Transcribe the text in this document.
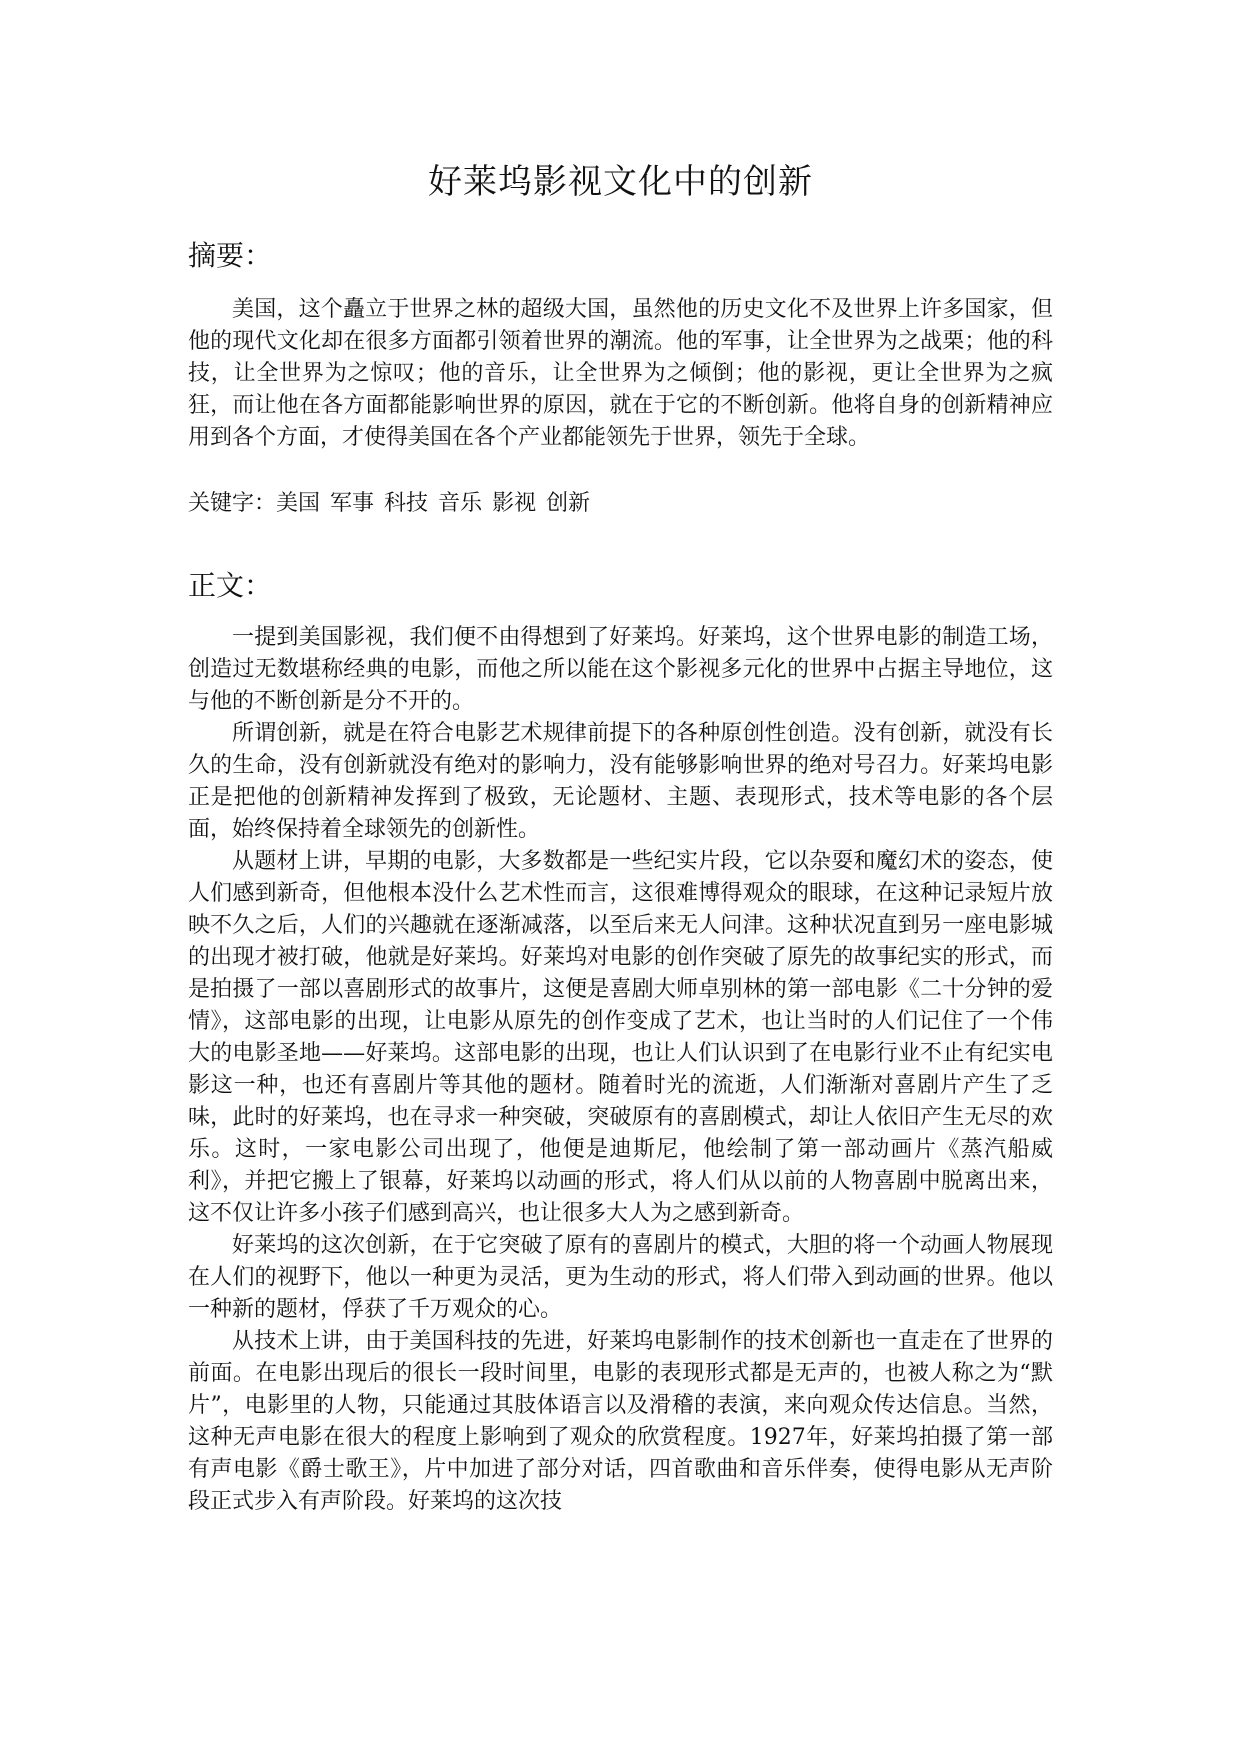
好莱坞影视文化中的创新
摘要：

美国，这个矗立于世界之林的超级大国，虽然他的历史文化不及世界上许多国家，但他的现代文化却在很多方面都引领着世界的潮流。他的军事，让全世界为之战栗；他的科技，让全世界为之惊叹；他的音乐，让全世界为之倾倒；他的影视，更让全世界为之疯狂，而让他在各方面都能影响世界的原因，就在于它的不断创新。他将自身的创新精神应用到各个方面，才使得美国在各个产业都能领先于世界，领先于全球。

关键字：美国 军事 科技 音乐 影视 创新
正文：

一提到美国影视，我们便不由得想到了好莱坞。好莱坞，这个世界电影的制造工场，创造过无数堪称经典的电影，而他之所以能在这个影视多元化的世界中占据主导地位，这与他的不断创新是分不开的。

所谓创新，就是在符合电影艺术规律前提下的各种原创性创造。没有创新，就没有长久的生命，没有创新就没有绝对的影响力，没有能够影响世界的绝对号召力。好莱坞电影正是把他的创新精神发挥到了极致，无论题材、主题、表现形式，技术等电影的各个层面，始终保持着全球领先的创新性。

从题材上讲，早期的电影，大多数都是一些纪实片段，它以杂耍和魔幻术的姿态，使人们感到新奇，但他根本没什么艺术性而言，这很难博得观众的眼球，在这种记录短片放映不久之后，人们的兴趣就在逐渐减落，以至后来无人问津。这种状况直到另一座电影城的出现才被打破，他就是好莱坞。好莱坞对电影的创作突破了原先的故事纪实的形式，而是拍摄了一部以喜剧形式的故事片，这便是喜剧大师卓别林的第一部电影《二十分钟的爱情》，这部电影的出现，让电影从原先的创作变成了艺术，也让当时的人们记住了一个伟大的电影圣地——好莱坞。这部电影的出现，也让人们认识到了在电影行业不止有纪实电影这一种，也还有喜剧片等其他的题材。随着时光的流逝，人们渐渐对喜剧片产生了乏味，此时的好莱坞，也在寻求一种突破，突破原有的喜剧模式，却让人依旧产生无尽的欢乐。这时，一家电影公司出现了，他便是迪斯尼，他绘制了第一部动画片《蒸汽船威利》，并把它搬上了银幕，好莱坞以动画的形式，将人们从以前的人物喜剧中脱离出来，这不仅让许多小孩子们感到高兴，也让很多大人为之感到新奇。

好莱坞的这次创新，在于它突破了原有的喜剧片的模式，大胆的将一个动画人物展现在人们的视野下，他以一种更为灵活，更为生动的形式，将人们带入到动画的世界。他以一种新的题材，俘获了千万观众的心。

从技术上讲，由于美国科技的先进，好莱坞电影制作的技术创新也一直走在了世界的前面。在电影出现后的很长一段时间里，电影的表现形式都是无声的，也被人称之为“默片”，电影里的人物，只能通过其肢体语言以及滑稽的表演，来向观众传达信息。当然，这种无声电影在很大的程度上影响到了观众的欣赏程度。1927年，好莱坞拍摄了第一部有声电影《爵士歌王》，片中加进了部分对话，四首歌曲和音乐伴奏，使得电影从无声阶段正式步入有声阶段。好莱坞的这次技
